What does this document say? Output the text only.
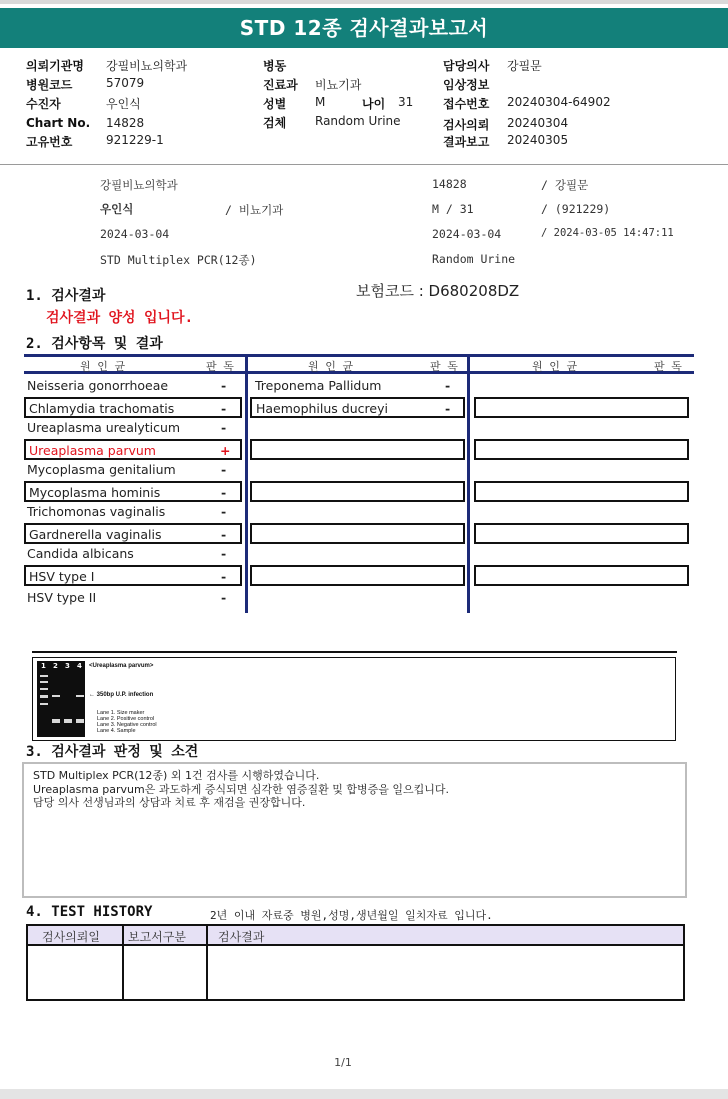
STD 12종 검사결과보고서
의뢰기관명 강필비뇨의학과
병원코드	57079
수진자	우인식
Chart No. 14828
고유번호	921229-1
병동
진료과 비뇨기과
성별 M	나이 31
검체 Random Urine
담당의사 강필문
임상정보
접수번호 20240304-64902
검사의뢰 20240304
결과보고 20240305
강필비뇨의학과	14828	/ 강필문
우인식	/ 비뇨기과	M / 31	/ (921229)
2024-03-04	2024-03-04	/ 2024-03-05 14:47:11
STD Multiplex PCR(12종)	Random Urine
1. 검사결과	보험코드 : D680208DZ
검사결과 양성 입니다.
2. 검사항목 및 결과
원 인 균	판 독	원 인 균	판 독	원 인 균	판 독
Neisseria gonorrhoeae	-
Chlamydia trachomatis	-
Ureaplasma urealyticum	-
Ureaplasma parvum	+
Mycoplasma genitalium	-
Mycoplasma hominis	-
Trichomonas vaginalis	-
Gardnerella vaginalis	-
Candida albicans	-
HSV type I	-
HSV type II	-
Treponema Pallidum	-
Haemophilus ducreyi	-
1 2 3 4 <Ureaplasma parvum>
← 350bp U.P. infection
Lane 1. Size maker
Lane 2. Positive control
Lane 3. Negative control
Lane 4. Sample
3. 검사결과 판정 및 소견
STD Multiplex PCR(12종) 외 1건 검사를 시행하였습니다.
Ureaplasma parvum은 과도하게 증식되면 심각한 염증질환 및 합병증을 일으킵니다.
담당 의사 선생님과의 상담과 치료 후 재검을 권장합니다.
4. TEST HISTORY	2년 이내 자료중 병원,성명,생년월일 일치자료 입니다.
검사의뢰일 보고서구분	검사결과
1/1
